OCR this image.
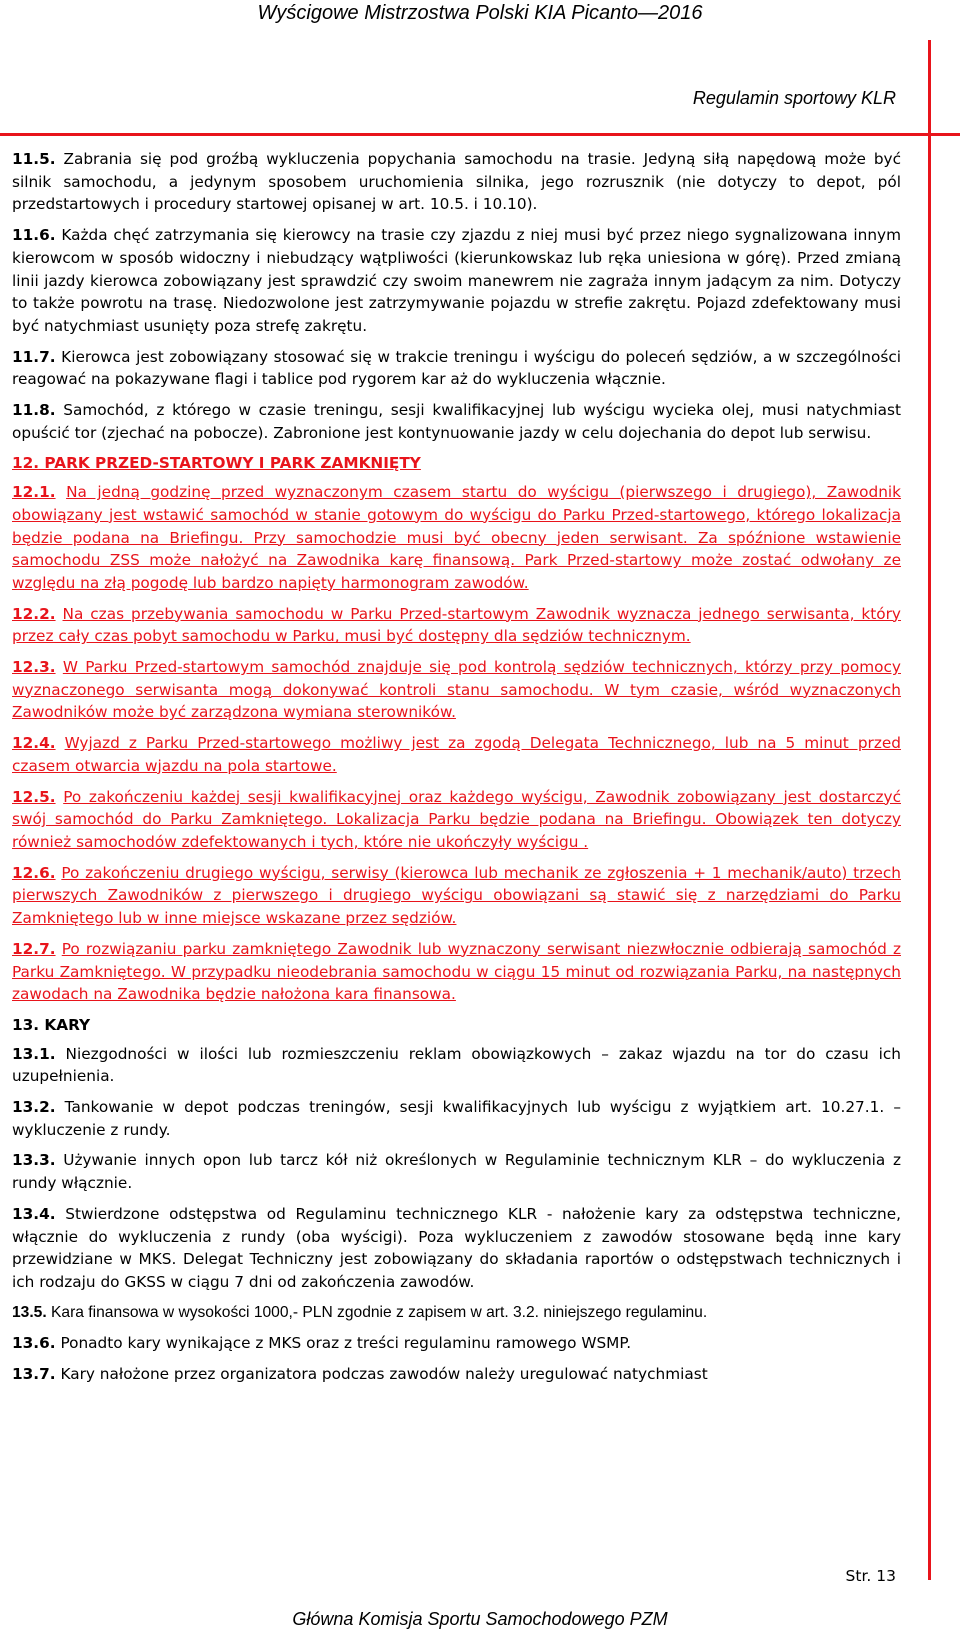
Wyścigowe Mistrzostwa Polski KIA Picanto—2016
Regulamin sportowy KLR

11.5. Zabrania się pod groźbą wykluczenia popychania samochodu na trasie. Jedyną siłą napędową może być silnik samochodu, a jedynym sposobem uruchomienia silnika, jego rozrusznik (nie dotyczy to depot, pól przedstartowych i procedury startowej opisanej w art. 10.5. i 10.10).

11.6. Każda chęć zatrzymania się kierowcy na trasie czy zjazdu z niej musi być przez niego sygnalizowana innym kierowcom w sposób widoczny i niebudzący wątpliwości (kierunkowskaz lub ręka uniesiona w górę). Przed zmianą linii jazdy kierowca zobowiązany jest sprawdzić czy swoim manewrem nie zagraża innym jadącym za nim. Dotyczy to także powrotu na trasę. Niedozwolone jest zatrzymywanie pojazdu w strefie zakrętu. Pojazd zdefektowany musi być natychmiast usunięty poza strefę zakrętu.

11.7. Kierowca jest zobowiązany stosować się w trakcie treningu i wyścigu do poleceń sędziów, a w szczególności reagować na pokazywane flagi i tablice pod rygorem kar aż do wykluczenia włącznie.

11.8. Samochód, z którego w czasie treningu, sesji kwalifikacyjnej lub wyścigu wycieka olej, musi natychmiast opuścić tor (zjechać na pobocze). Zabronione jest kontynuowanie jazdy w celu dojechania do depot lub serwisu.

12. PARK PRZED-STARTOWY I PARK ZAMKNIĘTY

12.1. Na jedną godzinę przed wyznaczonym czasem startu do wyścigu (pierwszego i drugiego), Zawodnik obowiązany jest wstawić samochód w stanie gotowym do wyścigu do Parku Przed-startowego, którego lokalizacja będzie podana na Briefingu. Przy samochodzie musi być obecny jeden serwisant. Za spóźnione wstawienie samochodu ZSS może nałożyć na Zawodnika karę finansową. Park Przed-startowy może zostać odwołany ze względu na złą pogodę lub bardzo napięty harmonogram zawodów.

12.2. Na czas przebywania samochodu w Parku Przed-startowym Zawodnik wyznacza jednego serwisanta, który przez cały czas pobyt samochodu w Parku, musi być dostępny dla sędziów technicznym.

12.3. W Parku Przed-startowym samochód znajduje się pod kontrolą sędziów technicznych, którzy przy pomocy wyznaczonego serwisanta mogą dokonywać kontroli stanu samochodu. W tym czasie, wśród wyznaczonych Zawodników może być zarządzona wymiana sterowników.

12.4. Wyjazd z Parku Przed-startowego możliwy jest za zgodą Delegata Technicznego, lub na 5 minut przed czasem otwarcia wjazdu na pola startowe.

12.5. Po zakończeniu każdej sesji kwalifikacyjnej oraz każdego wyścigu, Zawodnik zobowiązany jest dostarczyć swój samochód do Parku Zamkniętego. Lokalizacja Parku będzie podana na Briefingu. Obowiązek ten dotyczy również samochodów zdefektowanych i tych, które nie ukończyły wyścigu .

12.6. Po zakończeniu drugiego wyścigu, serwisy (kierowca lub mechanik ze zgłoszenia + 1 mechanik/auto) trzech pierwszych Zawodników z pierwszego i drugiego wyścigu obowiązani są stawić się z narzędziami do Parku Zamkniętego lub w inne miejsce wskazane przez sędziów.

12.7. Po rozwiązaniu parku zamkniętego Zawodnik lub wyznaczony serwisant niezwłocznie odbierają samochód z Parku Zamkniętego. W przypadku nieodebrania samochodu w ciągu 15 minut od rozwiązania Parku, na następnych zawodach na Zawodnika będzie nałożona kara finansowa.

13. KARY

13.1. Niezgodności w ilości lub rozmieszczeniu reklam obowiązkowych – zakaz wjazdu na tor do czasu ich uzupełnienia.

13.2. Tankowanie w depot podczas treningów, sesji kwalifikacyjnych lub wyścigu z wyjątkiem art. 10.27.1. – wykluczenie z rundy.

13.3. Używanie innych opon lub tarcz kół niż określonych w Regulaminie technicznym KLR – do wykluczenia z rundy włącznie.

13.4. Stwierdzone odstępstwa od Regulaminu technicznego KLR - nałożenie kary za odstępstwa techniczne, włącznie do wykluczenia z rundy (oba wyścigi). Poza wykluczeniem z zawodów stosowane będą inne kary przewidziane w MKS. Delegat Techniczny jest zobowiązany do składania raportów o odstępstwach technicznych i ich rodzaju do GKSS w ciągu 7 dni od zakończenia zawodów.

13.5. Kara finansowa w wysokości 1000,- PLN zgodnie z zapisem w art. 3.2. niniejszego regulaminu.

13.6. Ponadto kary wynikające z MKS oraz z treści regulaminu ramowego WSMP.

13.7. Kary nałożone przez organizatora podczas zawodów należy uregulować natychmiast

Str. 13
Główna Komisja Sportu Samochodowego PZM
